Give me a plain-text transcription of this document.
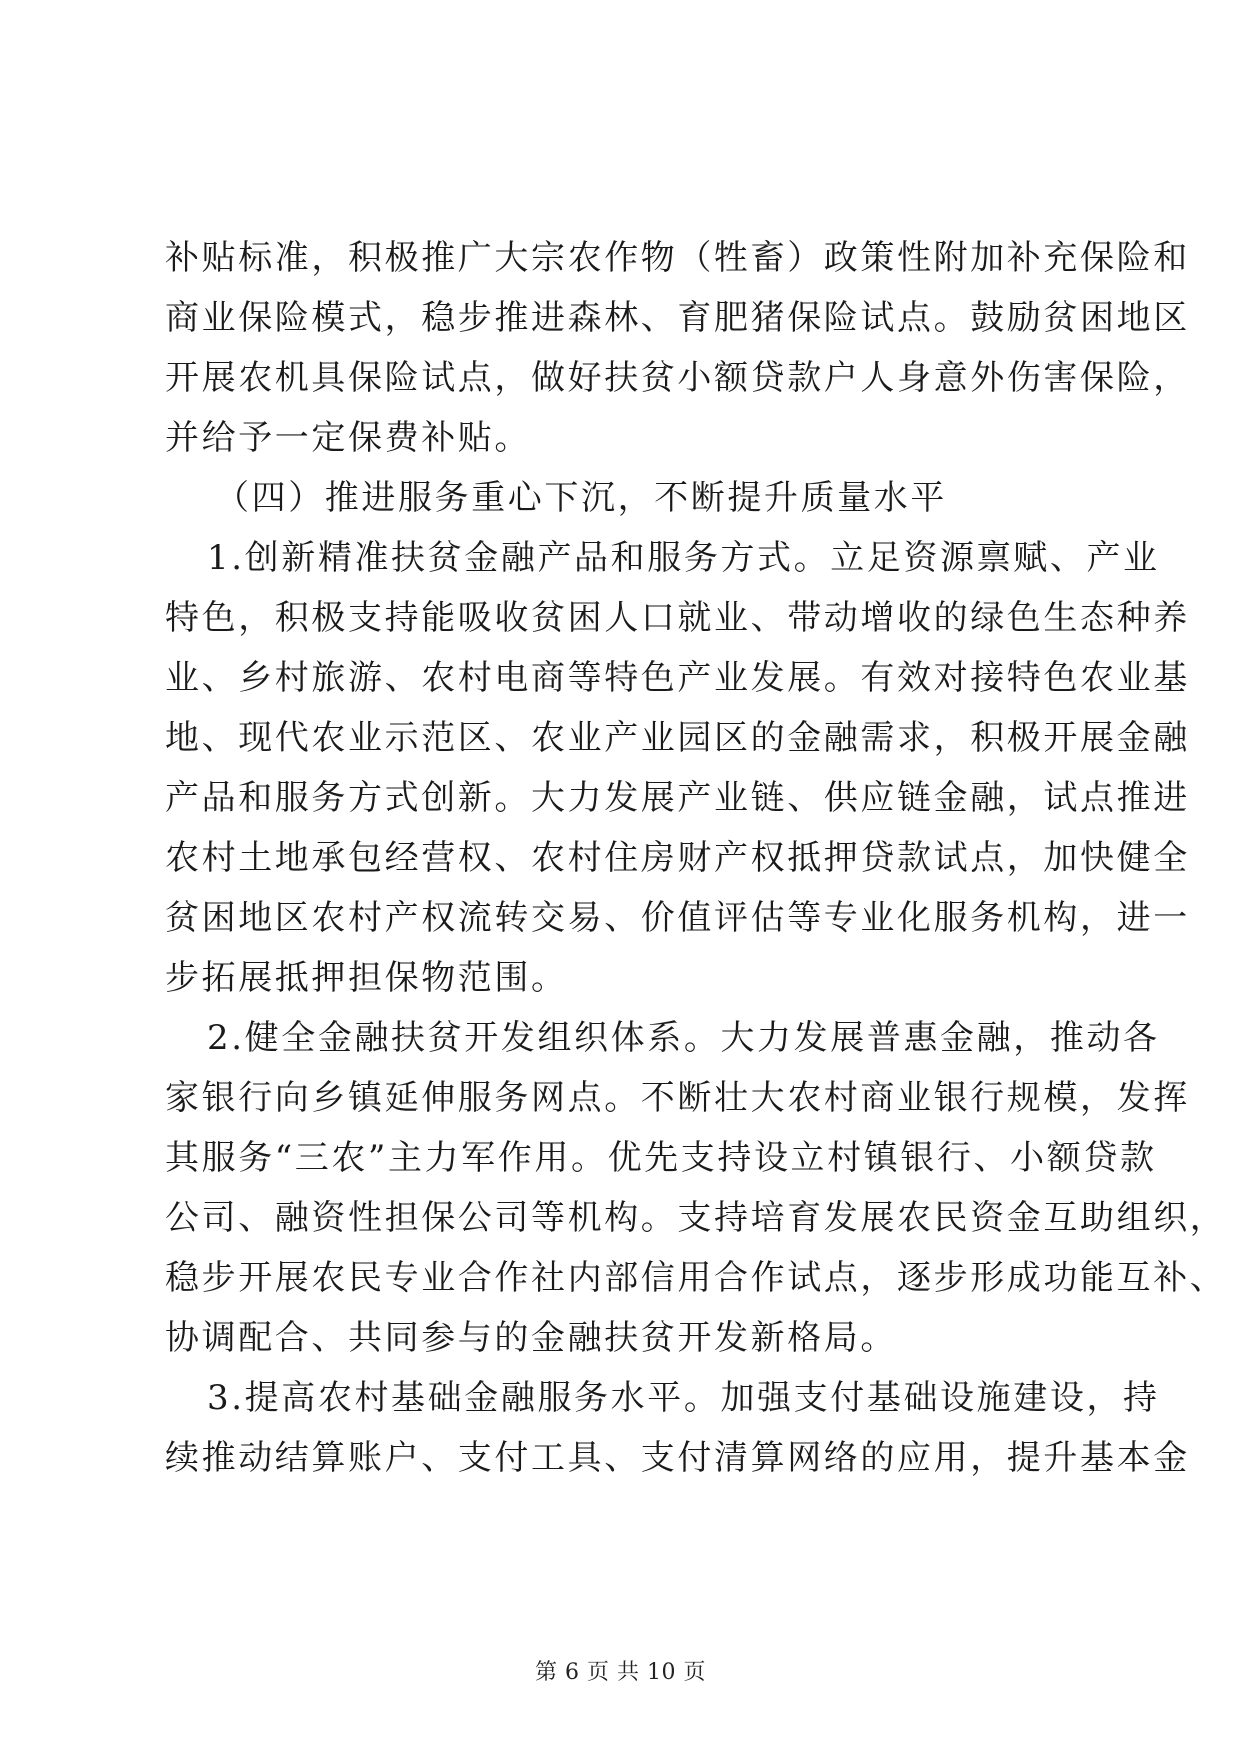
补贴标准，积极推广大宗农作物（牲畜）政策性附加补充保险和
商业保险模式，稳步推进森林、育肥猪保险试点。鼓励贫困地区
开展农机具保险试点，做好扶贫小额贷款户人身意外伤害保险，
并给予一定保费补贴。
（四）推进服务重心下沉，不断提升质量水平
1.创新精准扶贫金融产品和服务方式。立足资源禀赋、产业
特色，积极支持能吸收贫困人口就业、带动增收的绿色生态种养
业、乡村旅游、农村电商等特色产业发展。有效对接特色农业基
地、现代农业示范区、农业产业园区的金融需求，积极开展金融
产品和服务方式创新。大力发展产业链、供应链金融，试点推进
农村土地承包经营权、农村住房财产权抵押贷款试点，加快健全
贫困地区农村产权流转交易、价值评估等专业化服务机构，进一
步拓展抵押担保物范围。
2.健全金融扶贫开发组织体系。大力发展普惠金融，推动各
家银行向乡镇延伸服务网点。不断壮大农村商业银行规模，发挥
其服务“三农”主力军作用。优先支持设立村镇银行、小额贷款
公司、融资性担保公司等机构。支持培育发展农民资金互助组织，
稳步开展农民专业合作社内部信用合作试点，逐步形成功能互补、
协调配合、共同参与的金融扶贫开发新格局。
3.提高农村基础金融服务水平。加强支付基础设施建设，持
续推动结算账户、支付工具、支付清算网络的应用，提升基本金
第 6 页 共 10 页
